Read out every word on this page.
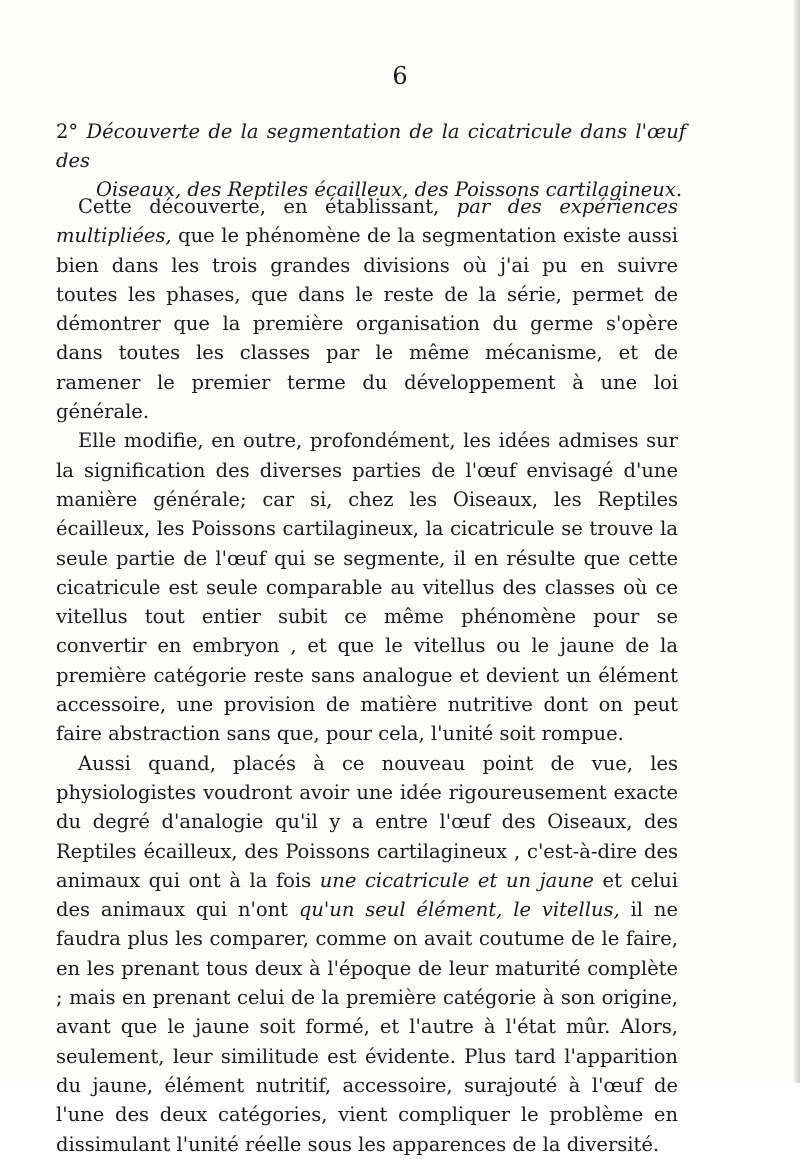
6
2° Découverte de la segmentation de la cicatricule dans l'œuf des
Oiseaux, des Reptiles écailleux, des Poissons cartilagineux.

Cette découverte, en établissant, par des expériences multipliées, que le phénomène de la segmentation existe aussi bien dans les trois grandes divisions où j'ai pu en suivre toutes les phases, que dans le reste de la série, permet de démontrer que la première organisation du germe s'opère dans toutes les classes par le même mécanisme, et de ramener le premier terme du développement à une loi générale.

Elle modifie, en outre, profondément, les idées admises sur la signification des diverses parties de l'œuf envisagé d'une manière générale; car si, chez les Oiseaux, les Reptiles écailleux, les Poissons cartilagineux, la cicatricule se trouve la seule partie de l'œuf qui se segmente, il en résulte que cette cicatricule est seule comparable au vitellus des classes où ce vitellus tout entier subit ce même phénomène pour se convertir en embryon , et que le vitellus ou le jaune de la première catégorie reste sans analogue et devient un élément accessoire, une provision de matière nutritive dont on peut faire abstraction sans que, pour cela, l'unité soit rompue.

Aussi quand, placés à ce nouveau point de vue, les physiologistes voudront avoir une idée rigoureusement exacte du degré d'analogie qu'il y a entre l'œuf des Oiseaux, des Reptiles écailleux, des Poissons cartilagineux , c'est-à-dire des animaux qui ont à la fois une cicatricule et un jaune et celui des animaux qui n'ont qu'un seul élément, le vitellus, il ne faudra plus les comparer, comme on avait coutume de le faire, en les prenant tous deux à l'époque de leur maturité complète ; mais en prenant celui de la première catégorie à son origine, avant que le jaune soit formé, et l'autre à l'état mûr. Alors, seulement, leur similitude est évidente. Plus tard l'apparition du jaune, élément nutritif, accessoire, surajouté à l'œuf de l'une des deux catégories, vient compliquer le problème en dissimulant l'unité réelle sous les apparences de la diversité.
